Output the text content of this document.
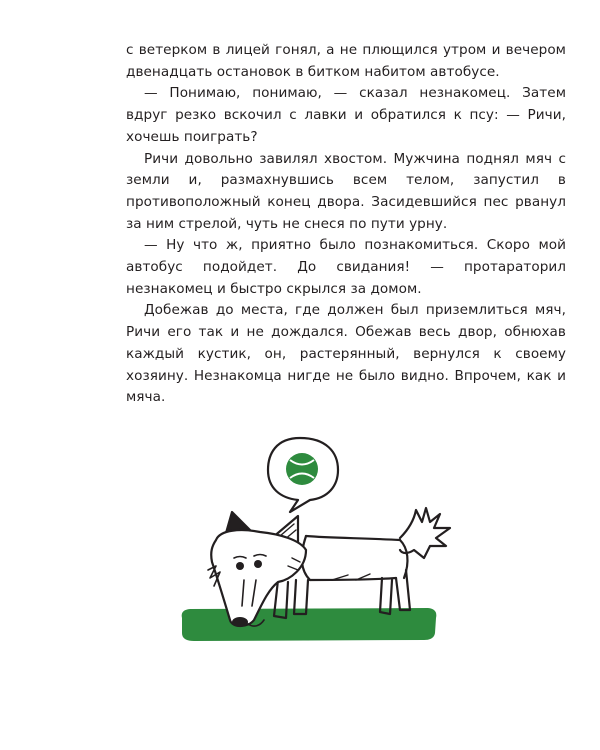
с ветерком в лицей гонял, а не плющился утром и вечером двенадцать остановок в битком набитом автобусе.

— Понимаю, понимаю, — сказал незнакомец. Затем вдруг резко вскочил с лавки и обратился к псу: — Ричи, хочешь поиграть?

Ричи довольно завилял хвостом. Мужчина поднял мяч с земли и, размахнувшись всем телом, запустил в противоположный конец двора. Засидевшийся пес рванул за ним стрелой, чуть не снеся по пути урну.

— Ну что ж, приятно было познакомиться. Скоро мой автобус подойдет. До свидания! — протараторил незнакомец и быстро скрылся за домом.

Добежав до места, где должен был приземлиться мяч, Ричи его так и не дождался. Обежав весь двор, обнюхав каждый кустик, он, растерянный, вернулся к своему хозяину. Незнакомца нигде не было видно. Впрочем, как и мяча.
